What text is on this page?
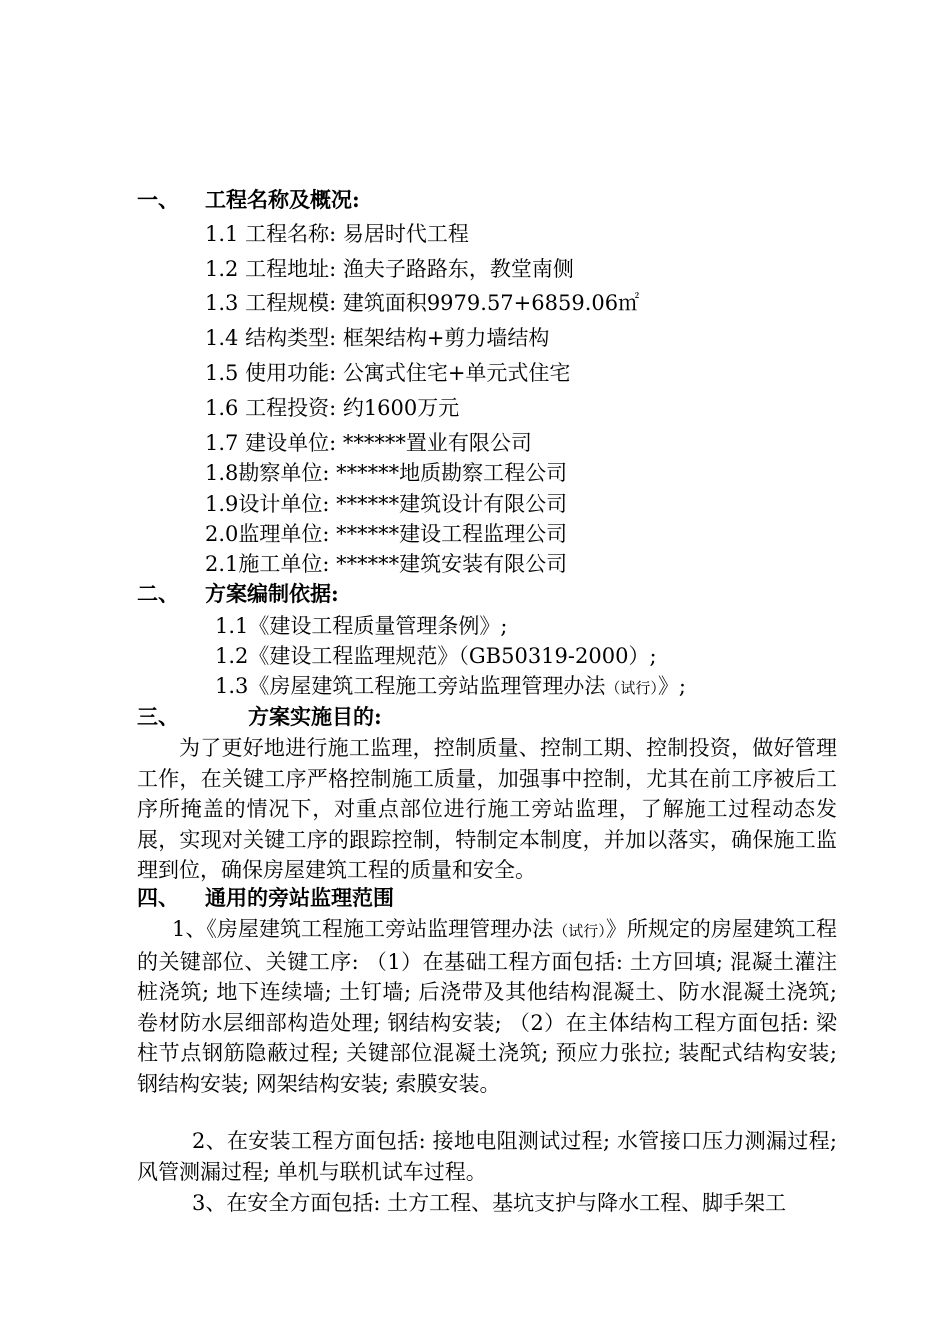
一、 工程名称及概况:
1.1 工程名称: 易居时代工程
1.2 工程地址: 渔夫子路路东，教堂南侧
1.3 工程规模: 建筑面积9979.57+6859.06㎡
1.4 结构类型: 框架结构+剪力墙结构
1.5 使用功能: 公寓式住宅+单元式住宅
1.6 工程投资: 约1600万元
1.7 建设单位: ******置业有限公司
1.8勘察单位: ******地质勘察工程公司
1.9设计单位: ******建筑设计有限公司
2.0监理单位: ******建设工程监理公司
2.1施工单位: ******建筑安装有限公司
二、 方案编制依据:
1.1《建设工程质量管理条例》;
1.2《建设工程监理规范》（GB50319-2000）;
1.3《房屋建筑工程施工旁站监理管理办法（试行）》;
三、	方案实施目的:
为了更好地进行施工监理，控制质量、控制工期、控制投资，做好管理工作，在关键工序严格控制施工质量，加强事中控制，尤其在前工序被后工序所掩盖的情况下，对重点部位进行施工旁站监理，了解施工过程动态发展，实现对关键工序的跟踪控制，特制定本制度，并加以落实，确保施工监理到位，确保房屋建筑工程的质量和安全。
四、 通用的旁站监理范围
1、《房屋建筑工程施工旁站监理管理办法（试行）》所规定的房屋建筑工程的关键部位、关键工序: （1）在基础工程方面包括: 土方回填; 混凝土灌注桩浇筑; 地下连续墙; 土钉墙; 后浇带及其他结构混凝土、防水混凝土浇筑; 卷材防水层细部构造处理; 钢结构安装; （2）在主体结构工程方面包括: 梁柱节点钢筋隐蔽过程; 关键部位混凝土浇筑; 预应力张拉; 装配式结构安装; 钢结构安装; 网架结构安装; 索膜安装。
2、在安装工程方面包括: 接地电阻测试过程; 水管接口压力测漏过程; 风管测漏过程; 单机与联机试车过程。
3、在安全方面包括: 土方工程、基坑支护与降水工程、脚手架工
